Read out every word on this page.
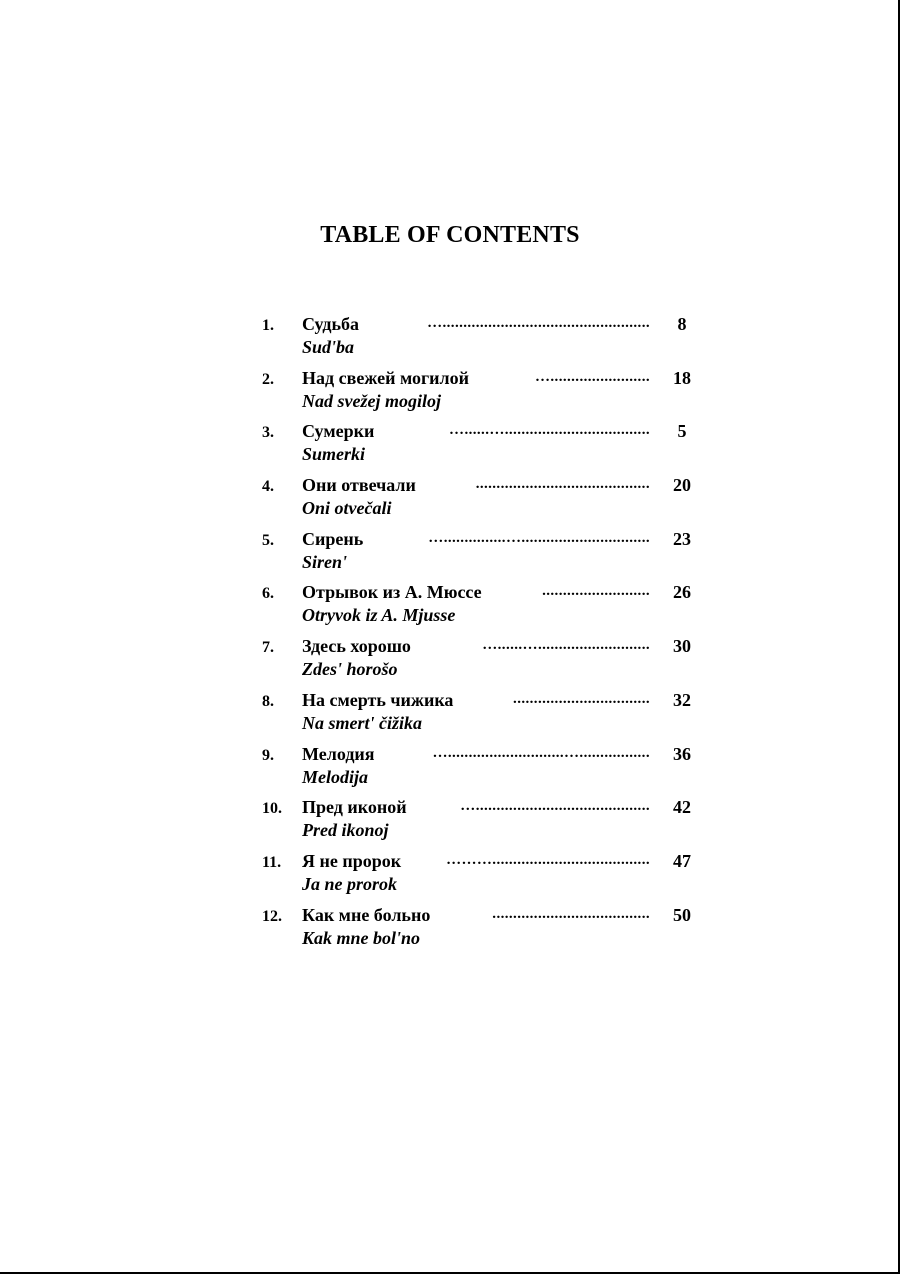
TABLE OF CONTENTS
1.	Судьба	…..................................................	8
Sud'ba
2.	Над свежей могилой	…........................	18
Nad svežej mogiloj
3.	Сумерки	…......…...................................	5
Sumerki
4.	Они отвечали	..........................................	20
Oni otvečali
5.	Сирень	…...............…...............................	23
Siren'
6.	Отрывок из А. Мюссе	..........................	26
Otryvok iz A. Mjusse
7.	Здесь хорошо	…......…...........................	30
Zdes' horošo
8.	На смерть чижика	.................................	32
Na smert' čižika
9.	Мелодия	…............................….................	36
Melodija
10.	Пред иконой	…..........................................	42
Pred ikonoj
11.	Я не пророк	………......................................	47
Ja ne prorok
12.	Как мне больно	......................................	50
Kak mne bol'no
